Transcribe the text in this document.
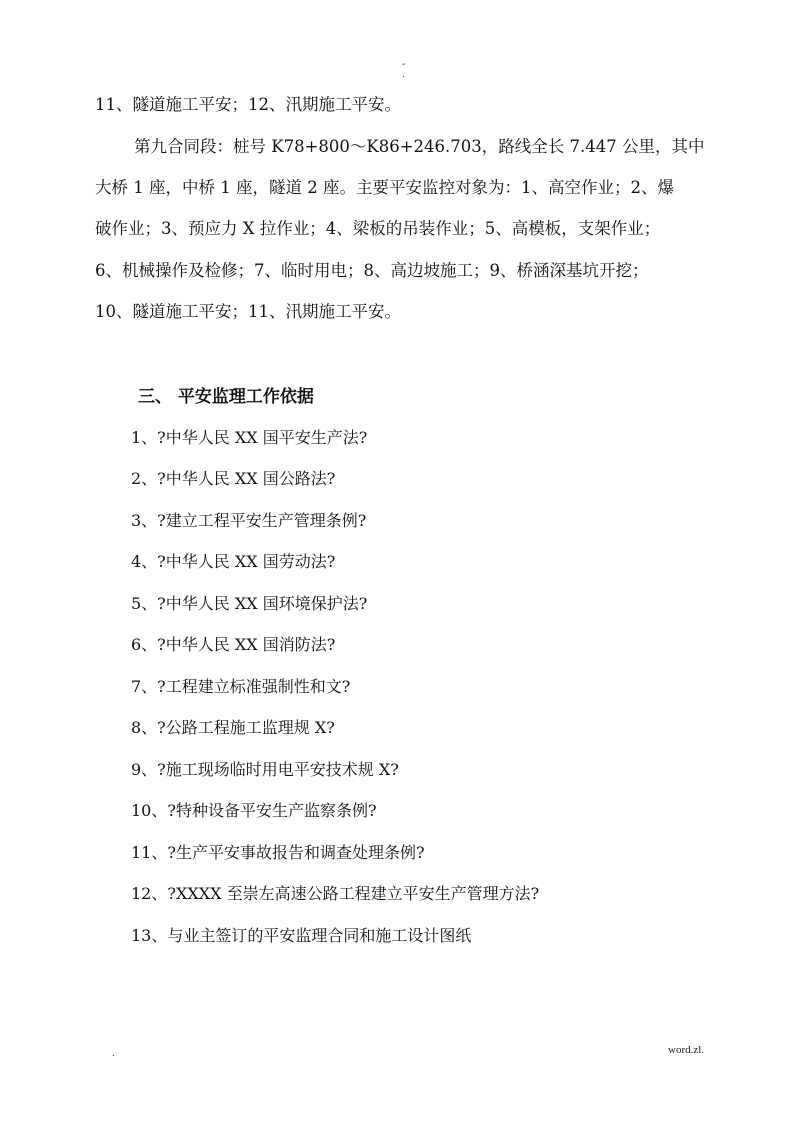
-
.
11、隧道施工平安；12、汛期施工平安。
第九合同段：桩号 K78+800～K86+246.703，路线全长 7.447 公里，其中
大桥 1 座，中桥 1 座，隧道 2 座。主要平安监控对象为：1、高空作业；2、爆
破作业；3、预应力 X 拉作业；4、梁板的吊装作业；5、高模板，支架作业；
6、机械操作及检修；7、临时用电；8、高边坡施工；9、桥涵深基坑开挖；
10、隧道施工平安；11、汛期施工平安。
三、 平安监理工作依据
1、?中华人民 XX 国平安生产法?
2、?中华人民 XX 国公路法?
3、?建立工程平安生产管理条例?
4、?中华人民 XX 国劳动法?
5、?中华人民 XX 国环境保护法?
6、?中华人民 XX 国消防法?
7、?工程建立标准强制性和文?
8、?公路工程施工监理规 X?
9、?施工现场临时用电平安技术规 X?
10、?特种设备平安生产监察条例?
11、?生产平安事故报告和调查处理条例?
12、?XXXX 至崇左高速公路工程建立平安生产管理方法?
13、与业主签订的平安监理合同和施工设计图纸
.	word.zl.
